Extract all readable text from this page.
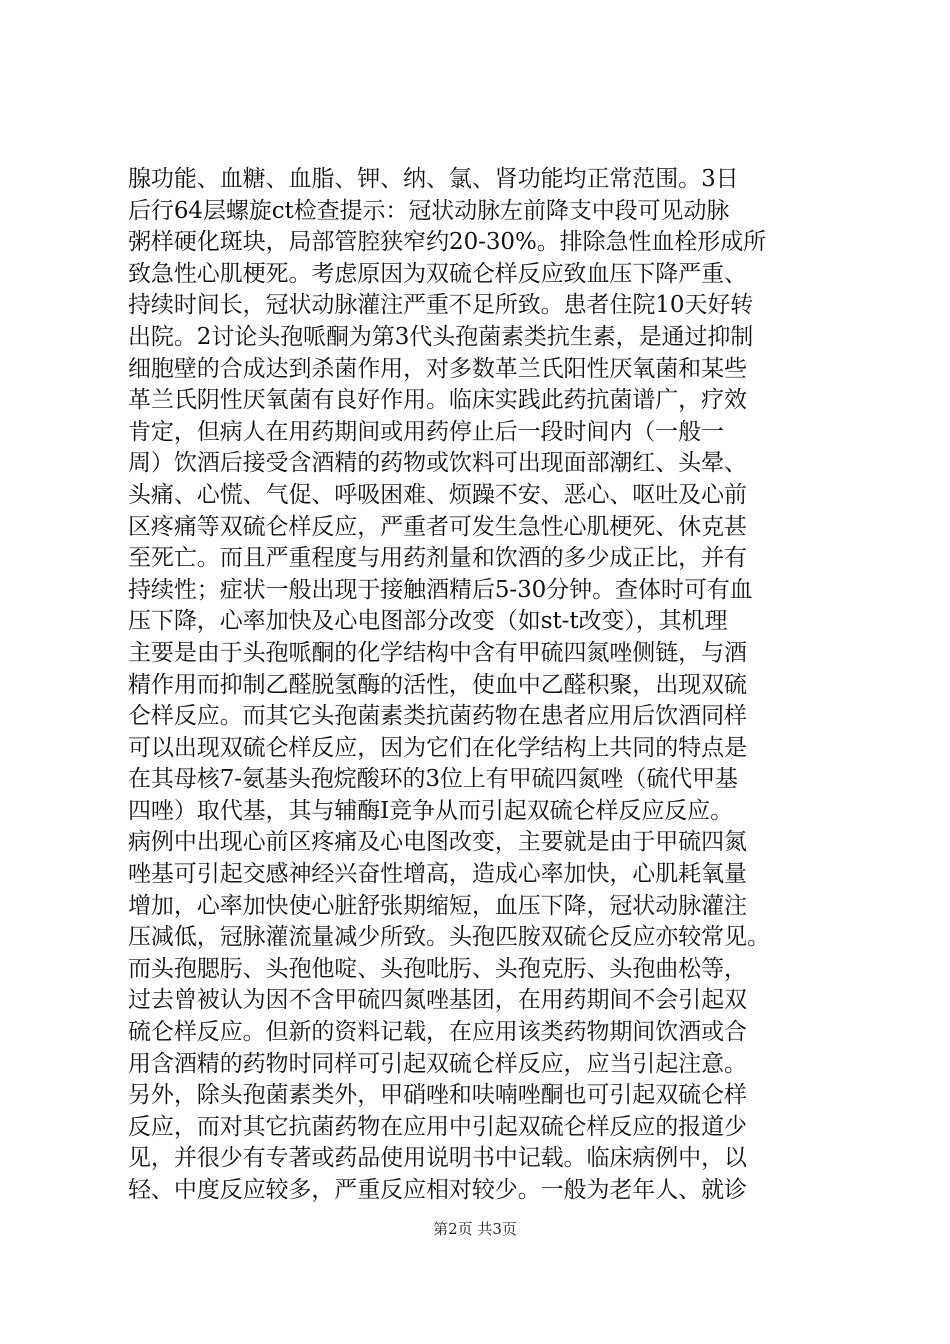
腺功能、血糖、血脂、钾、纳、氯、肾功能均正常范围。3日
后行64层螺旋ct检查提示：冠状动脉左前降支中段可见动脉
粥样硬化斑块，局部管腔狭窄约20-30%。排除急性血栓形成所
致急性心肌梗死。考虑原因为双硫仑样反应致血压下降严重、
持续时间长，冠状动脉灌注严重不足所致。患者住院10天好转
出院。2讨论头孢哌酮为第3代头孢菌素类抗生素，是通过抑制
细胞壁的合成达到杀菌作用，对多数革兰氏阳性厌氧菌和某些
革兰氏阴性厌氧菌有良好作用。临床实践此药抗菌谱广，疗效
肯定，但病人在用药期间或用药停止后一段时间内（一般一
周）饮酒后接受含酒精的药物或饮料可出现面部潮红、头晕、
头痛、心慌、气促、呼吸困难、烦躁不安、恶心、呕吐及心前
区疼痛等双硫仑样反应，严重者可发生急性心肌梗死、休克甚
至死亡。而且严重程度与用药剂量和饮酒的多少成正比，并有
持续性；症状一般出现于接触酒精后5-30分钟。查体时可有血
压下降，心率加快及心电图部分改变（如st-t改变），其机理
主要是由于头孢哌酮的化学结构中含有甲硫四氮唑侧链，与酒
精作用而抑制乙醛脱氢酶的活性，使血中乙醛积聚，出现双硫
仑样反应。而其它头孢菌素类抗菌药物在患者应用后饮酒同样
可以出现双硫仑样反应，因为它们在化学结构上共同的特点是
在其母核7-氨基头孢烷酸环的3位上有甲硫四氮唑（硫代甲基
四唑）取代基，其与辅酶Ⅰ竞争从而引起双硫仑样反应反应。
病例中出现心前区疼痛及心电图改变，主要就是由于甲硫四氮
唑基可引起交感神经兴奋性增高，造成心率加快，心肌耗氧量
增加，心率加快使心脏舒张期缩短，血压下降，冠状动脉灌注
压减低，冠脉灌流量减少所致。头孢匹胺双硫仑反应亦较常见。
而头孢腮肟、头孢他啶、头孢吡肟、头孢克肟、头孢曲松等，
过去曾被认为因不含甲硫四氮唑基团，在用药期间不会引起双
硫仑样反应。但新的资料记载，在应用该类药物期间饮酒或合
用含酒精的药物时同样可引起双硫仑样反应，应当引起注意。
另外，除头孢菌素类外，甲硝唑和呋喃唑酮也可引起双硫仑样
反应，而对其它抗菌药物在应用中引起双硫仑样反应的报道少
见，并很少有专著或药品使用说明书中记载。临床病例中，以
轻、中度反应较多，严重反应相对较少。一般为老年人、就诊
第2页 共3页
